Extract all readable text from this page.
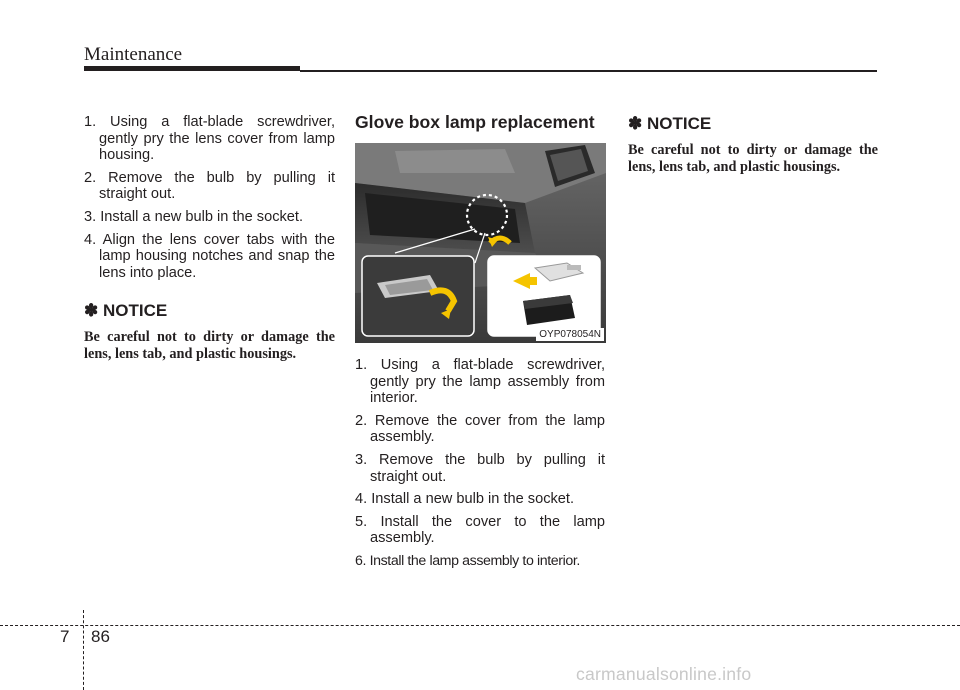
Maintenance
1. Using a flat-blade screwdriver, gently pry the lens cover from lamp housing.
2. Remove the bulb by pulling it straight out.
3. Install a new bulb in the socket.
4. Align the lens cover tabs with the lamp housing notches and snap the lens into place.
✽ NOTICE

Be careful not to dirty or damage the lens, lens tab, and plastic housings.

Glove box lamp replacement
OYP078054N
1. Using a flat-blade screwdriver, gently pry the lamp assembly from interior.
2. Remove the cover from the lamp assembly.
3. Remove the bulb by pulling it straight out.
4. Install a new bulb in the socket.
5. Install the cover to the lamp assembly.
6. Install the lamp assembly to interior.
✽ NOTICE

Be careful not to dirty or damage the lens, lens tab, and plastic housings.

7 86
carmanualsonline.info
